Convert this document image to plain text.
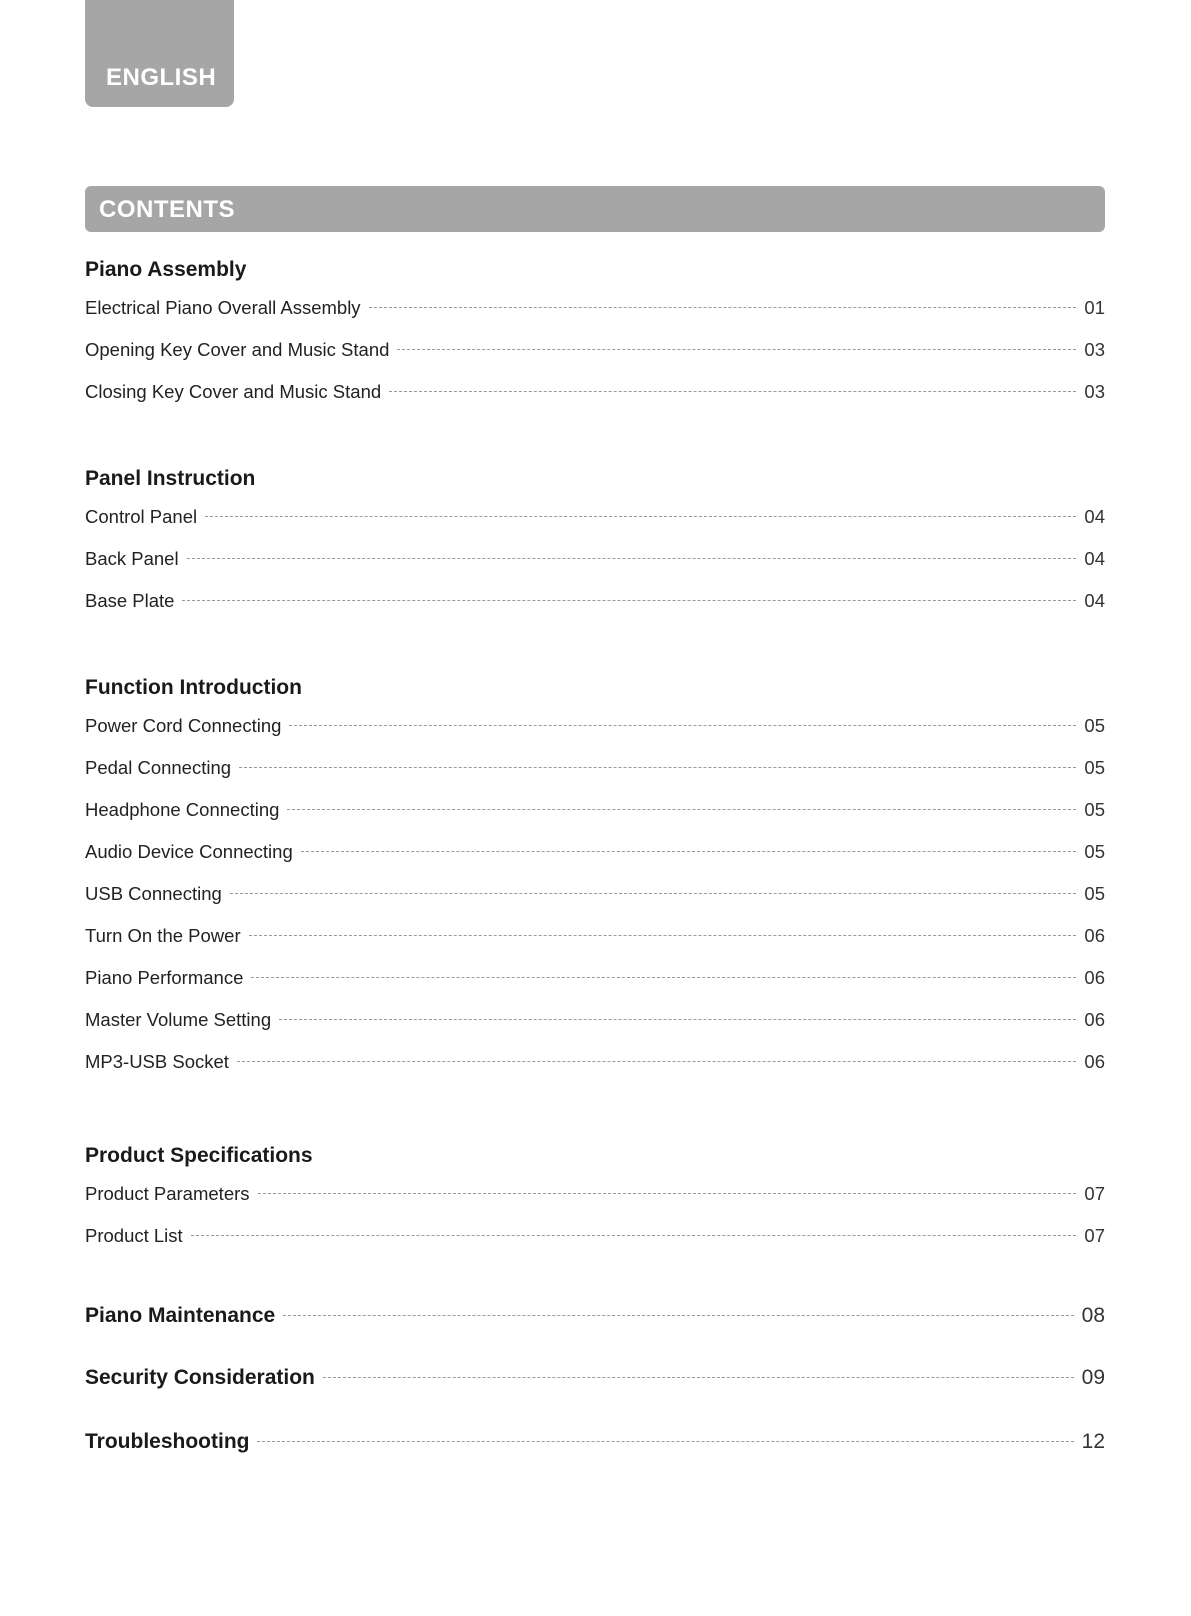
ENGLISH
CONTENTS
Piano Assembly
Electrical Piano Overall Assembly	01
Opening Key Cover and Music Stand	03
Closing Key Cover and Music Stand	03
Panel Instruction
Control Panel	04
Back Panel	04
Base Plate	04
Function Introduction
Power Cord Connecting	05
Pedal Connecting	05
Headphone Connecting	05
Audio Device Connecting	05
USB Connecting	05
Turn On the Power	06
Piano Performance	06
Master Volume Setting	06
MP3-USB Socket	06
Product Specifications
Product Parameters	07
Product List	07
Piano Maintenance	08
Security Consideration	09
Troubleshooting	12
